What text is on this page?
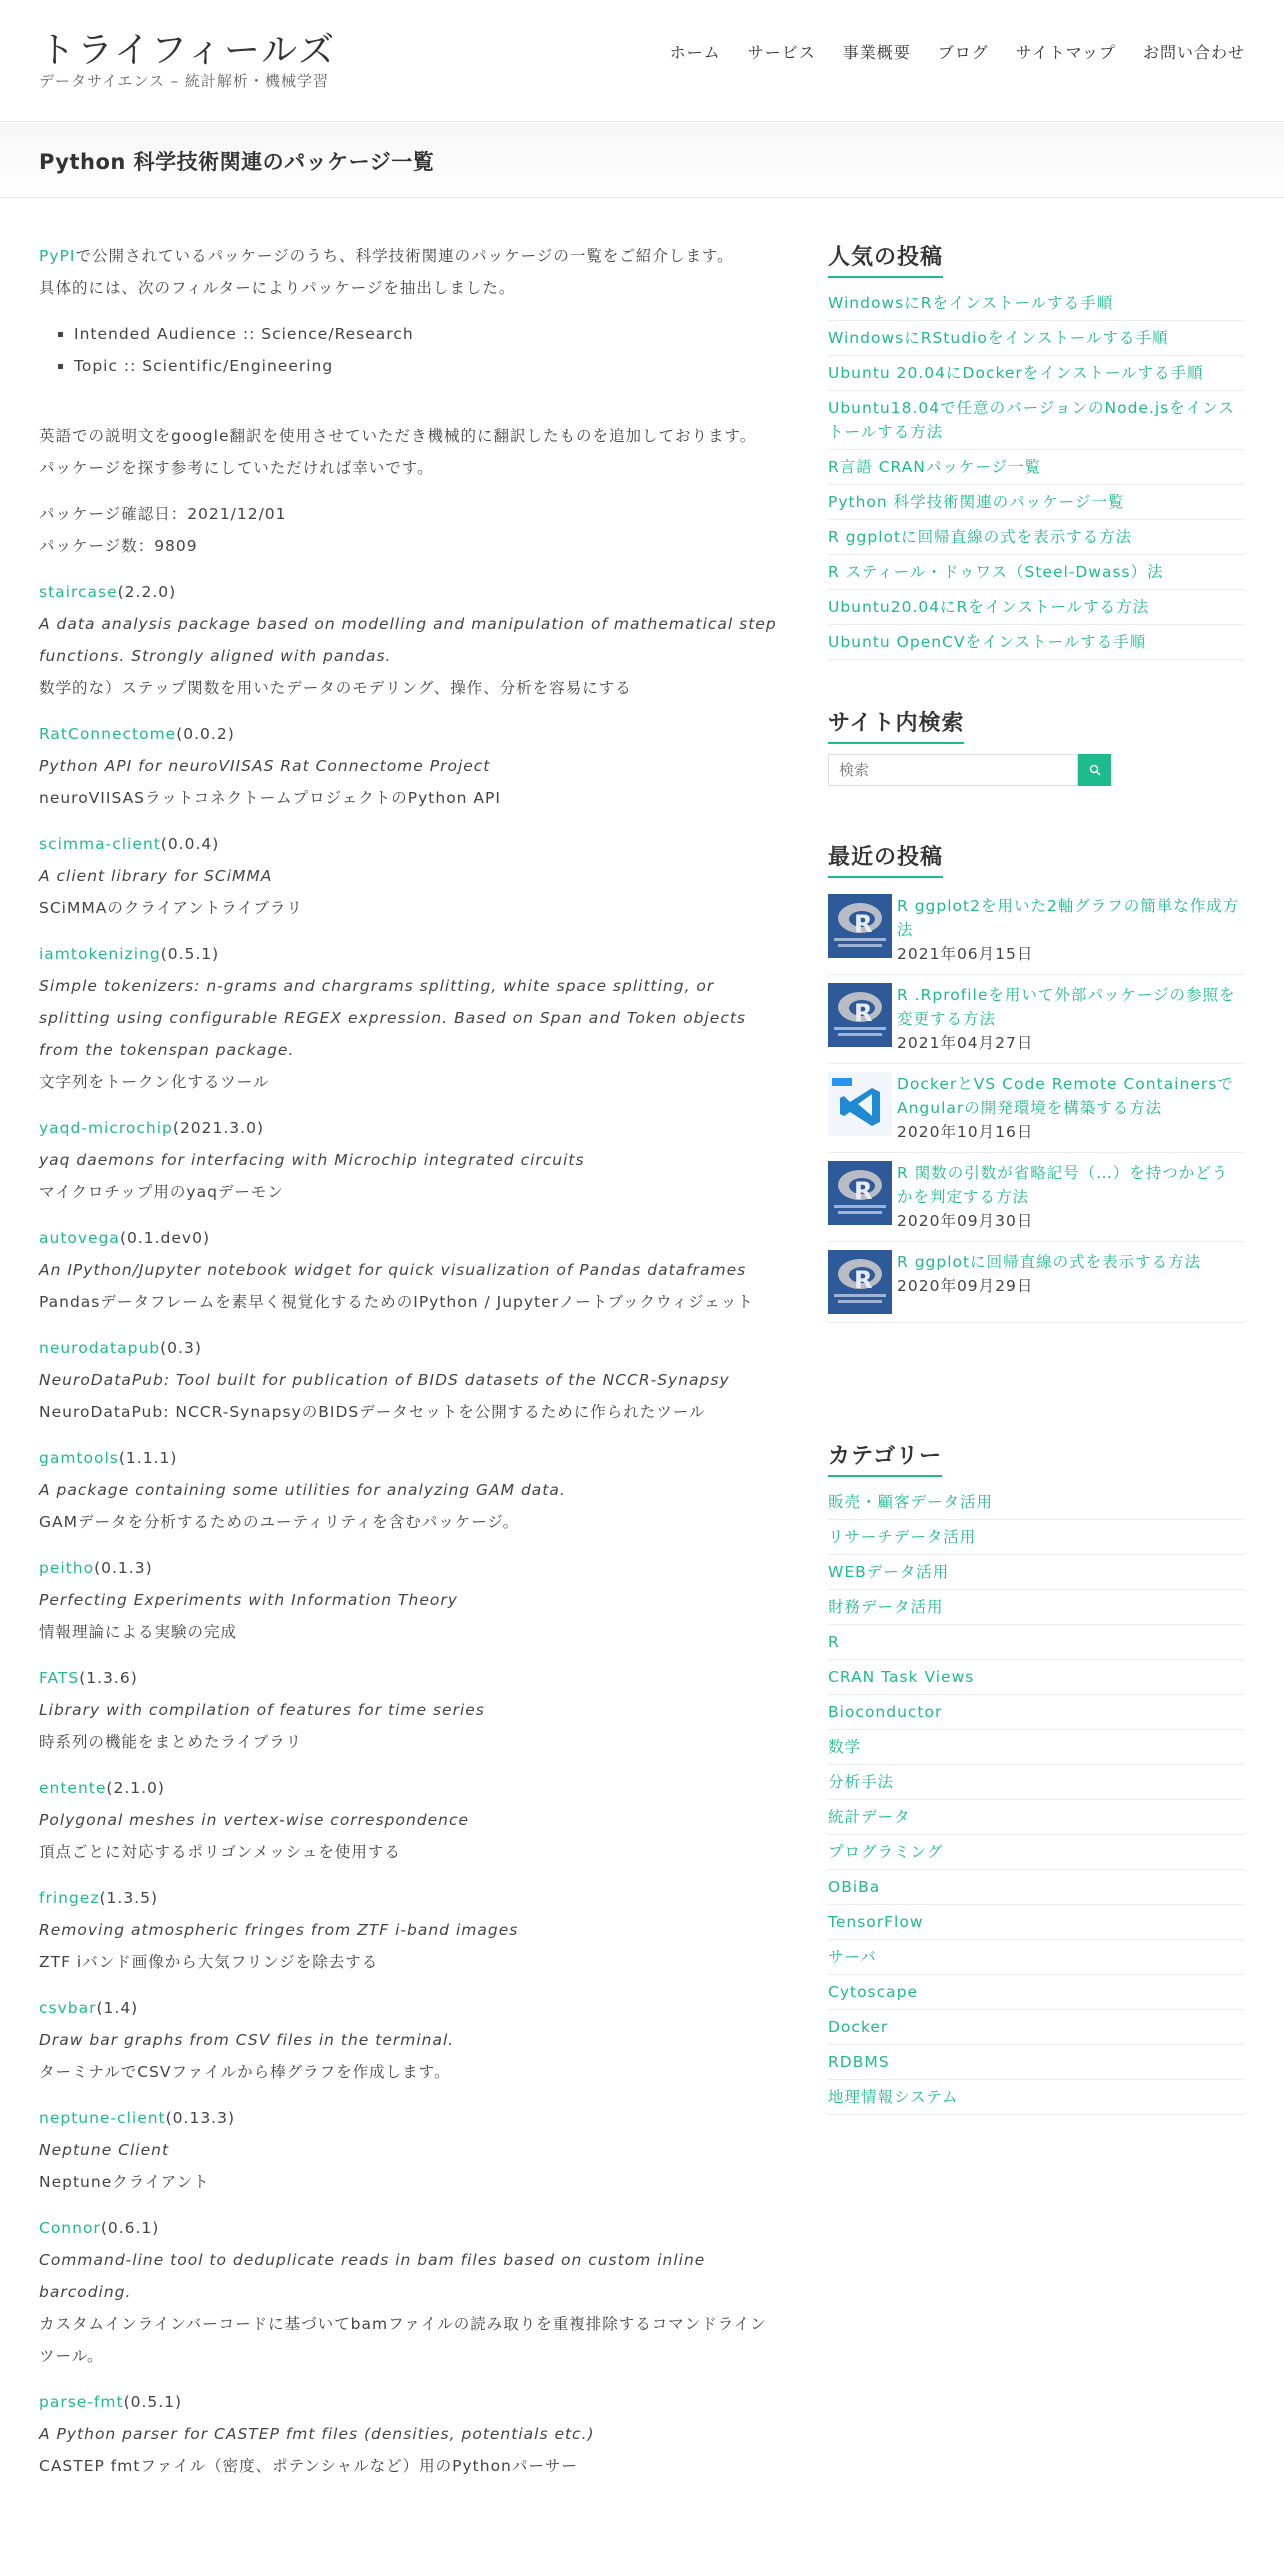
トライフィールズ
データサイエンス – 統計解析・機械学習
ホーム サービス 事業概要 ブログ サイトマップ お問い合わせ
Python 科学技術関連のパッケージ一覧

PyPIで公開されているパッケージのうち、科学技術関連のパッケージの一覧をご紹介します。
具体的には、次のフィルターによりパッケージを抽出しました。

▪ Intended Audience :: Science/Research
▪ Topic :: Scientific/Engineering

英語での説明文をgoogle翻訳を使用させていただき機械的に翻訳したものを追加しております。
パッケージを探す参考にしていただければ幸いです。

パッケージ確認日：2021/12/01
パッケージ数：9809

staircase(2.2.0)
A data analysis package based on modelling and manipulation of mathematical step functions. Strongly aligned with pandas.
数学的な）ステップ関数を用いたデータのモデリング、操作、分析を容易にする
RatConnectome(0.0.2)
Python API for neuroVIISAS Rat Connectome Project
neuroVIISASラットコネクトームプロジェクトのPython API
scimma-client(0.0.4)
A client library for SCiMMA
SCiMMAのクライアントライブラリ
iamtokenizing(0.5.1)
Simple tokenizers: n-grams and chargrams splitting, white space splitting, or splitting using configurable REGEX expression. Based on Span and Token objects from the tokenspan package.
文字列をトークン化するツール
yaqd-microchip(2021.3.0)
yaq daemons for interfacing with Microchip integrated circuits
マイクロチップ用のyaqデーモン
autovega(0.1.dev0)
An IPython/Jupyter notebook widget for quick visualization of Pandas dataframes
Pandasデータフレームを素早く視覚化するためのIPython / Jupyterノートブックウィジェット
neurodatapub(0.3)
NeuroDataPub: Tool built for publication of BIDS datasets of the NCCR-Synapsy
NeuroDataPub: NCCR-SynapsyのBIDSデータセットを公開するために作られたツール
gamtools(1.1.1)
A package containing some utilities for analyzing GAM data.
GAMデータを分析するためのユーティリティを含むパッケージ。
peitho(0.1.3)
Perfecting Experiments with Information Theory
情報理論による実験の完成
FATS(1.3.6)
Library with compilation of features for time series
時系列の機能をまとめたライブラリ
entente(2.1.0)
Polygonal meshes in vertex-wise correspondence
頂点ごとに対応するポリゴンメッシュを使用する
fringez(1.3.5)
Removing atmospheric fringes from ZTF i-band images
ZTF iバンド画像から大気フリンジを除去する
csvbar(1.4)
Draw bar graphs from CSV files in the terminal.
ターミナルでCSVファイルから棒グラフを作成します。
neptune-client(0.13.3)
Neptune Client
Neptuneクライアント
Connor(0.6.1)
Command-line tool to deduplicate reads in bam files based on custom inline barcoding.
カスタムインラインバーコードに基づいてbamファイルの読み取りを重複排除するコマンドラインツール。
parse-fmt(0.5.1)
A Python parser for CASTEP fmt files (densities, potentials etc.)
CASTEP fmtファイル（密度、ポテンシャルなど）用のPythonパーサー
人気の投稿
WindowsにRをインストールする手順
WindowsにRStudioをインストールする手順
Ubuntu 20.04にDockerをインストールする手順
Ubuntu18.04で任意のバージョンのNode.jsをインストールする方法
R言語 CRANパッケージ一覧
Python 科学技術関連のパッケージ一覧
R ggplotに回帰直線の式を表示する方法
R スティール・ドゥワス（Steel-Dwass）法
Ubuntu20.04にRをインストールする方法
Ubuntu OpenCVをインストールする手順
サイト内検索
検索
最近の投稿
R
R ggplot2を用いた2軸グラフの簡単な作成方法
2021年06月15日
R
R .Rprofileを用いて外部パッケージの参照を変更する方法
2021年04月27日
DockerとVS Code Remote ContainersでAngularの開発環境を構築する方法
2020年10月16日
R
R 関数の引数が省略記号（…）を持つかどうかを判定する方法
2020年09月30日
R
R ggplotに回帰直線の式を表示する方法
2020年09月29日
カテゴリー
販売・顧客データ活用
リサーチデータ活用
WEBデータ活用
財務データ活用
R
CRAN Task Views
Bioconductor
数学
分析手法
統計データ
プログラミング
OBiBa
TensorFlow
サーバ
Cytoscape
Docker
RDBMS
地理情報システム
